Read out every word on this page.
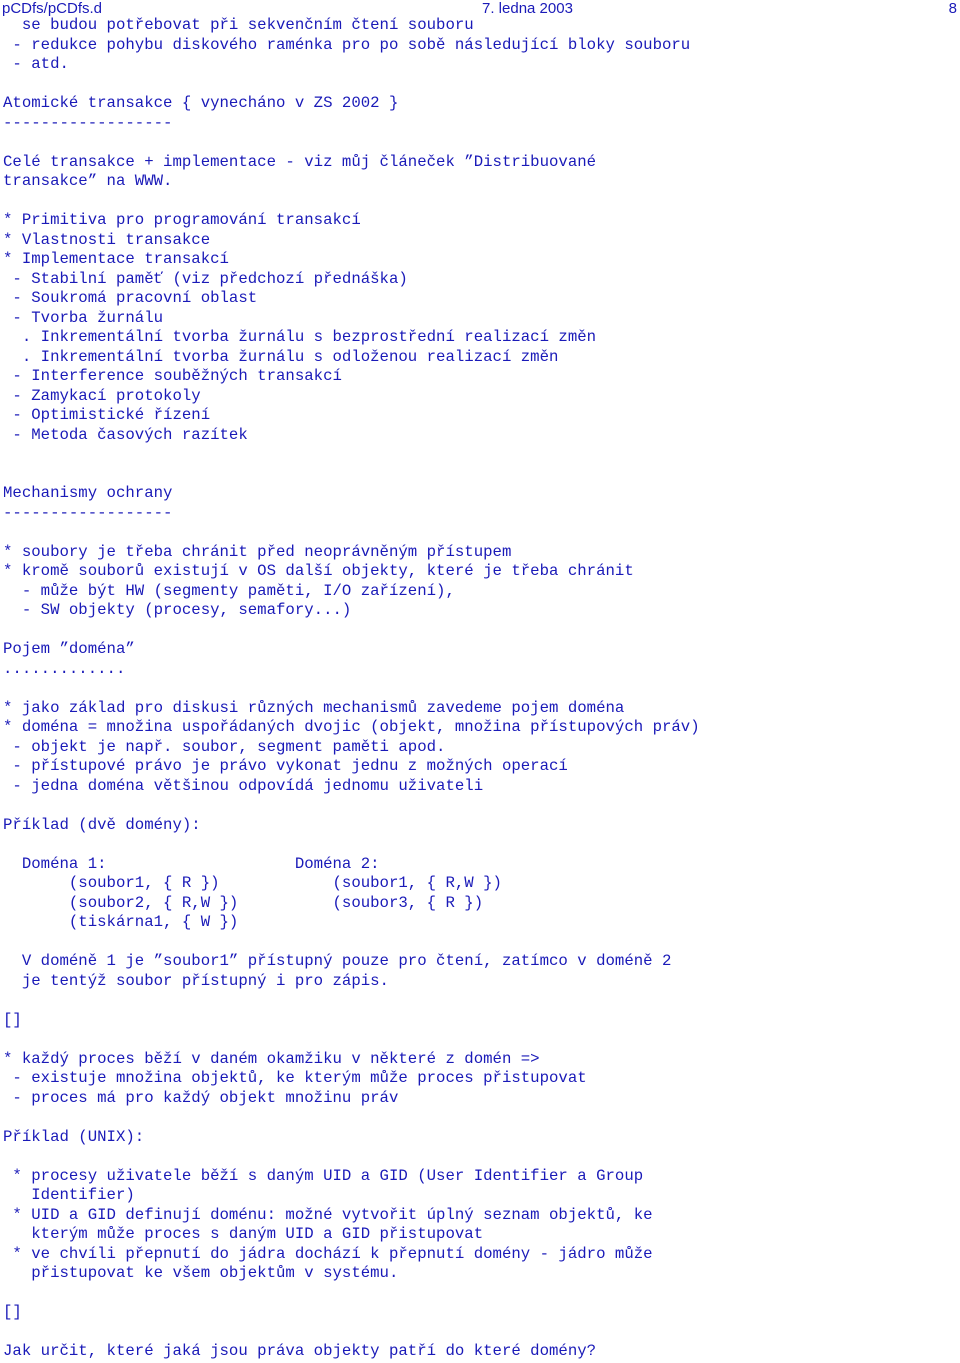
pCDfs/pCDfs.d	7. ledna 2003	8
se budou potřebovat při sekvenčním čtení souboru
- redukce pohybu diskového raménka pro po sobě následující bloky souboru
- atd.
Atomické transakce { vynecháno v ZS 2002 }
------------------
Celé transakce + implementace - viz můj článeček ”Distribuované
transakce” na WWW.
* Primitiva pro programování transakcí
* Vlastnosti transakce
* Implementace transakcí
- Stabilní paměť (viz předchozí přednáška)
- Soukromá pracovní oblast
- Tvorba žurnálu
. Inkrementální tvorba žurnálu s bezprostřední realizací změn
. Inkrementální tvorba žurnálu s odloženou realizací změn
- Interference souběžných transakcí
- Zamykací protokoly
- Optimistické řízení
- Metoda časových razítek
Mechanismy ochrany
------------------
* soubory je třeba chránit před neoprávněným přístupem
* kromě souborů existují v OS další objekty, které je třeba chránit
- může být HW (segmenty paměti, I/O zařízení),
- SW objekty (procesy, semafory...)
Pojem ”doména”
.............
* jako základ pro diskusi různých mechanismů zavedeme pojem doména
* doména = množina uspořádaných dvojic (objekt, množina přístupových práv)
- objekt je např. soubor, segment paměti apod.
- přístupové právo je právo vykonat jednu z možných operací
- jedna doména většinou odpovídá jednomu uživateli
Příklad (dvě domény):
Doména 1:                    Doména 2:
(soubor1, { R })            (soubor1, { R,W })
(soubor2, { R,W })          (soubor3, { R })
(tiskárna1, { W })
V doméně 1 je ”soubor1” přístupný pouze pro čtení, zatímco v doméně 2
je tentýž soubor přístupný i pro zápis.
[]
* každý proces běží v daném okamžiku v některé z domén =>
- existuje množina objektů, ke kterým může proces přistupovat
- proces má pro každý objekt množinu práv
Příklad (UNIX):
* procesy uživatele běží s daným UID a GID (User Identifier a Group
Identifier)
* UID a GID definují doménu: možné vytvořit úplný seznam objektů, ke
kterým může proces s daným UID a GID přistupovat
* ve chvíli přepnutí do jádra dochází k přepnutí domény - jádro může
přistupovat ke všem objektům v systému.
[]
Jak určit, které jaká jsou práva objekty patří do které domény?
